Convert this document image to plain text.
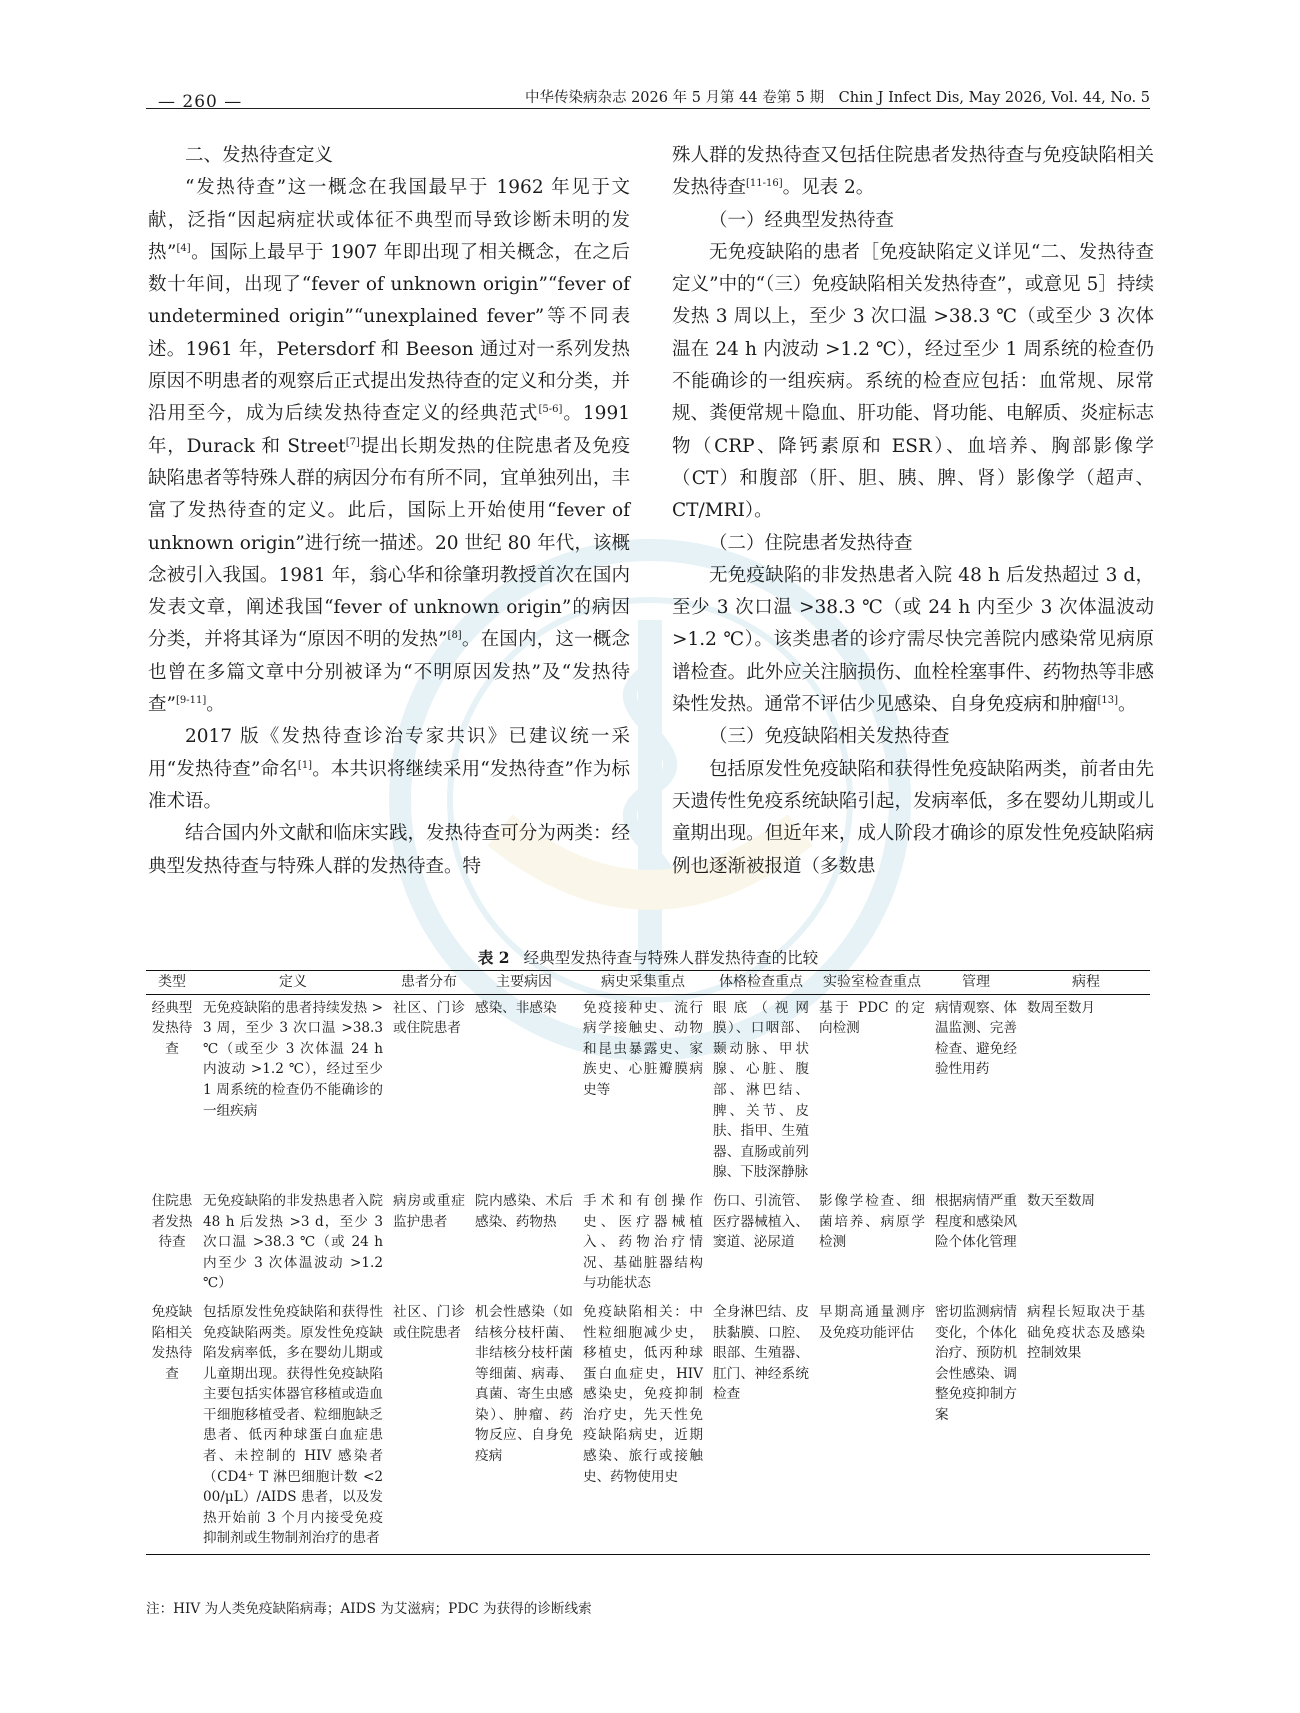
— 260 —	中华传染病杂志 2026 年 5 月第 44 卷第 5 期　Chin J Infect Dis, May 2026, Vol. 44, No. 5
二、发热待查定义

“发热待查”这一概念在我国最早于 1962 年见于文献，泛指“因起病症状或体征不典型而导致诊断未明的发热”[4]。国际上最早于 1907 年即出现了相关概念，在之后数十年间，出现了“fever of unknown origin”“fever of undetermined origin”“unexplained fever”等不同表述。1961 年，Petersdorf 和 Beeson 通过对一系列发热原因不明患者的观察后正式提出发热待查的定义和分类，并沿用至今，成为后续发热待查定义的经典范式[5-6]。1991 年，Durack 和 Street[7]提出长期发热的住院患者及免疫缺陷患者等特殊人群的病因分布有所不同，宜单独列出，丰富了发热待查的定义。此后，国际上开始使用“fever of unknown origin”进行统一描述。20 世纪 80 年代，该概念被引入我国。1981 年，翁心华和徐肇玥教授首次在国内发表文章，阐述我国“fever of unknown origin”的病因分类，并将其译为“原因不明的发热”[8]。在国内，这一概念也曾在多篇文章中分别被译为“不明原因发热”及“发热待查”[9-11]。

2017 版《发热待查诊治专家共识》已建议统一采用“发热待查”命名[1]。本共识将继续采用“发热待查”作为标准术语。

结合国内外文献和临床实践，发热待查可分为两类：经典型发热待查与特殊人群的发热待查。特

殊人群的发热待查又包括住院患者发热待查与免疫缺陷相关发热待查[11-16]。见表 2。

（一）经典型发热待查

无免疫缺陷的患者［免疫缺陷定义详见“二、发热待查定义”中的“（三）免疫缺陷相关发热待查”，或意见 5］持续发热 3 周以上，至少 3 次口温 >38.3 ℃（或至少 3 次体温在 24 h 内波动 >1.2 ℃），经过至少 1 周系统的检查仍不能确诊的一组疾病。系统的检查应包括：血常规、尿常规、粪便常规＋隐血、肝功能、肾功能、电解质、炎症标志物（CRP、降钙素原和 ESR）、血培养、胸部影像学（CT）和腹部（肝、胆、胰、脾、肾）影像学（超声、CT/MRI）。

（二）住院患者发热待查

无免疫缺陷的非发热患者入院 48 h 后发热超过 3 d，至少 3 次口温 >38.3 ℃（或 24 h 内至少 3 次体温波动 >1.2 ℃）。该类患者的诊疗需尽快完善院内感染常见病原谱检查。此外应关注脑损伤、血栓栓塞事件、药物热等非感染性发热。通常不评估少见感染、自身免疫病和肿瘤[13]。

（三）免疫缺陷相关发热待查

包括原发性免疫缺陷和获得性免疫缺陷两类，前者由先天遗传性免疫系统缺陷引起，发病率低，多在婴幼儿期或儿童期出现。但近年来，成人阶段才确诊的原发性免疫缺陷病例也逐渐被报道（多数患

表 2 经典型发热待查与特殊人群发热待查的比较
类型	定义	患者分布	主要病因	病史采集重点	体格检查重点	实验室检查重点	管理	病程
经典型发热待查	无免疫缺陷的患者持续发热 >3 周，至少 3 次口温 >38.3 ℃（或至少 3 次体温 24 h 内波动 >1.2 ℃），经过至少 1 周系统的检查仍不能确诊的一组疾病	社区、门诊或住院患者	感染、非感染	免疫接种史、流行病学接触史、动物和昆虫暴露史、家族史、心脏瓣膜病史等	眼底（视网膜）、口咽部、颞动脉、甲状腺、心脏、腹部、淋巴结、脾、关节、皮肤、指甲、生殖器、直肠或前列腺、下肢深静脉	基于 PDC 的定向检测	病情观察、体温监测、完善检查、避免经验性用药	数周至数月
住院患者发热待查	无免疫缺陷的非发热患者入院 48 h 后发热 >3 d，至少 3 次口温 >38.3 ℃（或 24 h 内至少 3 次体温波动 >1.2 ℃）	病房或重症监护患者	院内感染、术后感染、药物热	手术和有创操作史、医疗器械植入、药物治疗情况、基础脏器结构与功能状态	伤口、引流管、医疗器械植入、窦道、泌尿道	影像学检查、细菌培养、病原学检测	根据病情严重程度和感染风险个体化管理	数天至数周
免疫缺陷相关发热待查	包括原发性免疫缺陷和获得性免疫缺陷两类。原发性免疫缺陷发病率低，多在婴幼儿期或儿童期出现。获得性免疫缺陷主要包括实体器官移植或造血干细胞移植受者、粒细胞缺乏患者、低丙种球蛋白血症患者、未控制的 HIV 感染者（CD4⁺ T 淋巴细胞计数 <200/μL）/AIDS 患者，以及发热开始前 3 个月内接受免疫抑制剂或生物制剂治疗的患者	社区、门诊或住院患者	机会性感染（如结核分枝杆菌、非结核分枝杆菌等细菌、病毒、真菌、寄生虫感染）、肿瘤、药物反应、自身免疫病	免疫缺陷相关：中性粒细胞减少史，移植史，低丙种球蛋白血症史，HIV 感染史，免疫抑制治疗史，先天性免疫缺陷病史，近期感染、旅行或接触史、药物使用史	全身淋巴结、皮肤黏膜、口腔、眼部、生殖器、肛门、神经系统检查	早期高通量测序及免疫功能评估	密切监测病情变化，个体化治疗、预防机会性感染、调整免疫抑制方案	病程长短取决于基础免疫状态及感染控制效果
注：HIV 为人类免疫缺陷病毒；AIDS 为艾滋病；PDC 为获得的诊断线索
